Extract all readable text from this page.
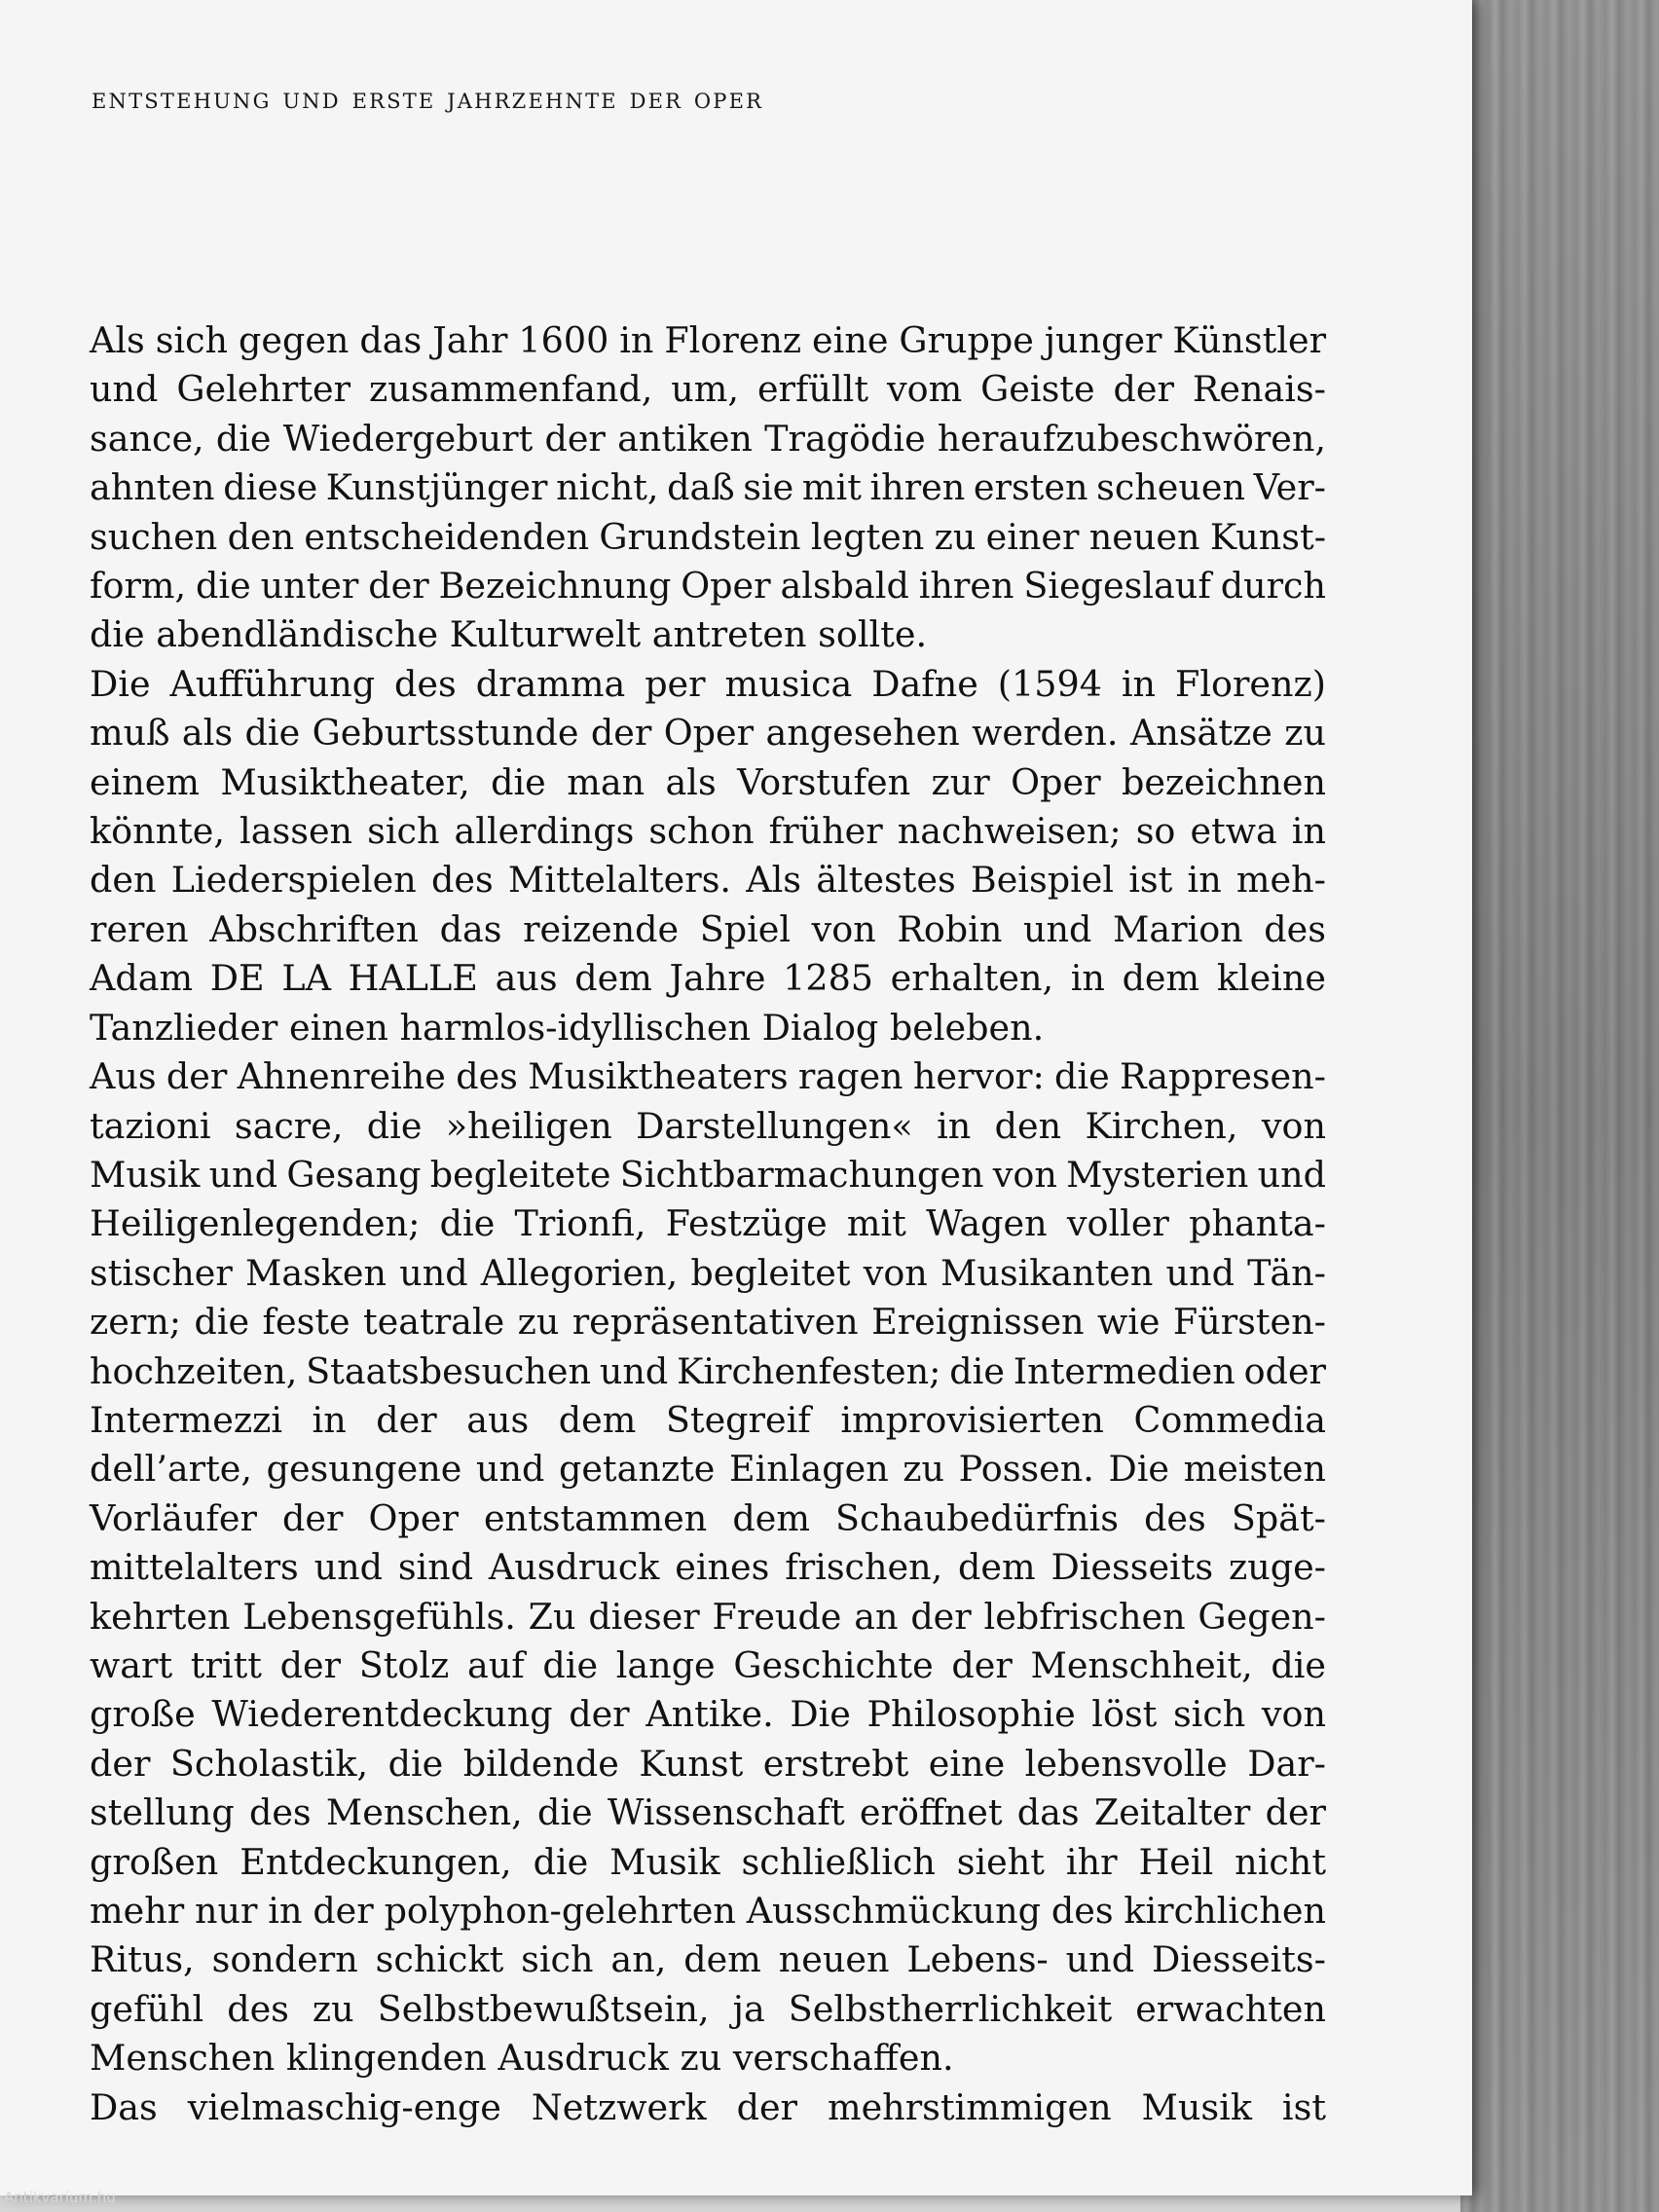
entstehung und erste jahrzehnte der oper
Als sich gegen das Jahr 1600 in Florenz eine Gruppe junger Künstler
und Gelehrter zusammenfand, um, erfüllt vom Geiste der Renais-
sance, die Wiedergeburt der antiken Tragödie heraufzubeschwören,
ahnten diese Kunstjünger nicht, daß sie mit ihren ersten scheuen Ver-
suchen den entscheidenden Grundstein legten zu einer neuen Kunst-
form, die unter der Bezeichnung Oper alsbald ihren Siegeslauf durch
die abendländische Kulturwelt antreten sollte.
Die Aufführung des dramma per musica Dafne (1594 in Florenz)
muß als die Geburtsstunde der Oper angesehen werden. Ansätze zu
einem Musiktheater, die man als Vorstufen zur Oper bezeichnen
könnte, lassen sich allerdings schon früher nachweisen; so etwa in
den Liederspielen des Mittelalters. Als ältestes Beispiel ist in meh-
reren Abschriften das reizende Spiel von Robin und Marion des
Adam DE LA HALLE aus dem Jahre 1285 erhalten, in dem kleine
Tanzlieder einen harmlos-idyllischen Dialog beleben.
Aus der Ahnenreihe des Musiktheaters ragen hervor: die Rappresen-
tazioni sacre, die »heiligen Darstellungen« in den Kirchen, von
Musik und Gesang begleitete Sichtbarmachungen von Mysterien und
Heiligenlegenden; die Trionfi, Festzüge mit Wagen voller phanta-
stischer Masken und Allegorien, begleitet von Musikanten und Tän-
zern; die feste teatrale zu repräsentativen Ereignissen wie Fürsten-
hochzeiten, Staatsbesuchen und Kirchenfesten; die Intermedien oder
Intermezzi in der aus dem Stegreif improvisierten Commedia
dell’arte, gesungene und getanzte Einlagen zu Possen. Die meisten
Vorläufer der Oper entstammen dem Schaubedürfnis des Spät-
mittelalters und sind Ausdruck eines frischen, dem Diesseits zuge-
kehrten Lebensgefühls. Zu dieser Freude an der lebfrischen Gegen-
wart tritt der Stolz auf die lange Geschichte der Menschheit, die
große Wiederentdeckung der Antike. Die Philosophie löst sich von
der Scholastik, die bildende Kunst erstrebt eine lebensvolle Dar-
stellung des Menschen, die Wissenschaft eröffnet das Zeitalter der
großen Entdeckungen, die Musik schließlich sieht ihr Heil nicht
mehr nur in der polyphon-gelehrten Ausschmückung des kirchlichen
Ritus, sondern schickt sich an, dem neuen Lebens- und Diesseits-
gefühl des zu Selbstbewußtsein, ja Selbstherrlichkeit erwachten
Menschen klingenden Ausdruck zu verschaffen.
Das vielmaschig-enge Netzwerk der mehrstimmigen Musik ist
Antikvarium.hu
